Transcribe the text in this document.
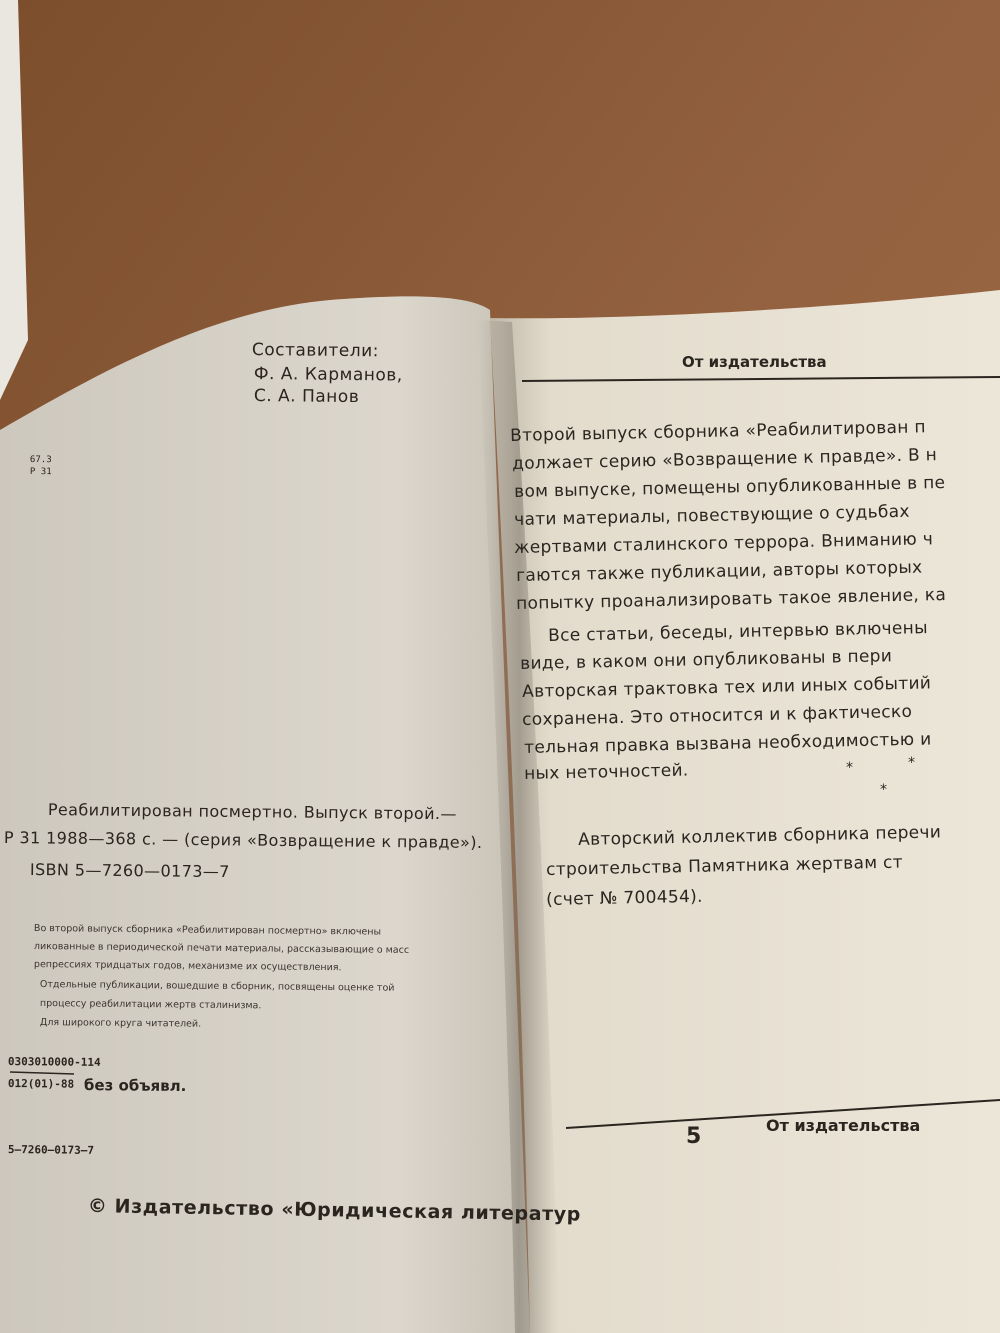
Составители:
Ф. А. Карманов,
С. А. Панов
67.3
Р 31
Реабилитирован посмертно. Выпуск второй.—
Р 31 1988—368 с. — (серия «Возвращение к правде»).
ISBN 5—7260—0173—7
Во второй выпуск сборника «Реабилитирован посмертно» включены
ликованные в периодической печати материалы, рассказывающие о масс
репрессиях тридцатых годов, механизме их осуществления.
Отдельные публикации, вошедшие в сборник, посвящены оценке той
процессу реабилитации жертв сталинизма.
Для широкого круга читателей.
0303010000-114
012(01)-88 без объявл.
5—7260—0173—7
© Издательство «Юридическая литератур
От издательства
Второй выпуск сборника «Реабилитирован п
должает серию «Возвращение к правде». В н
вом выпуске, помещены опубликованные в пе
чати материалы, повествующие о судьбах
жертвами сталинского террора. Вниманию ч
гаются также публикации, авторы которых
попытку проанализировать такое явление, ка
Все статьи, беседы, интервью включены
виде, в каком они опубликованы в пери
Авторская трактовка тех или иных событий
сохранена. Это относится и к фактическо
тельная правка вызвана необходимостью и
ных неточностей.	*	*
*
Авторский коллектив сборника перечи
строительства Памятника жертвам ст
(счет № 700454).
5	От издательства
